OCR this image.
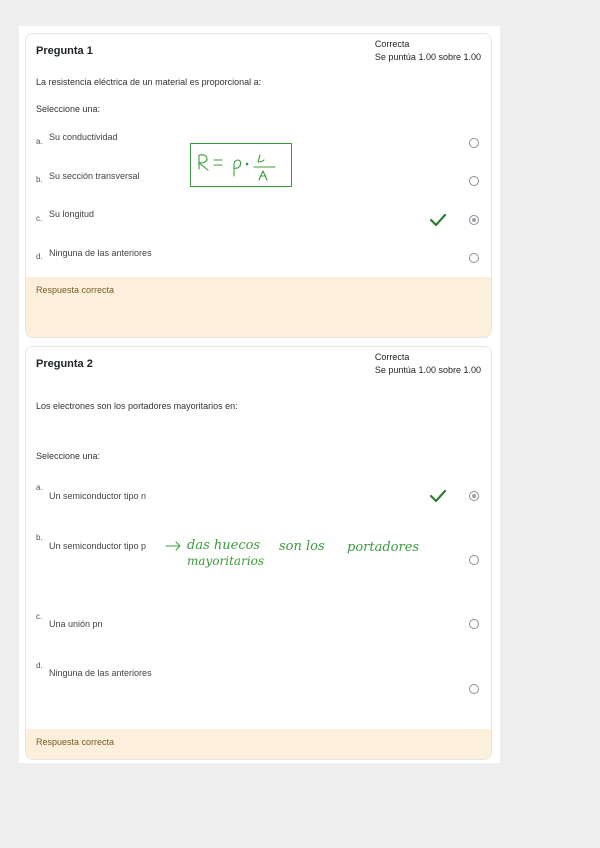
Pregunta 1
Correcta
Se puntúa 1.00 sobre 1.00
La resistencia eléctrica de un material es proporcional a:
Seleccione una:
a. Su conductividad
b. Su sección transversal
c. Su longitud
d. Ninguna de las anteriores
Respuesta correcta
Pregunta 2
Correcta
Se puntúa 1.00 sobre 1.00
Los electrones son los portadores mayoritarios en:
Seleccione una:
a.
Un semiconductor tipo n
b.
Un semiconductor tipo p
c.
Una unión pn
d.
Ninguna de las anteriores
Respuesta correcta
das huecos son los portadores
mayoritarios
